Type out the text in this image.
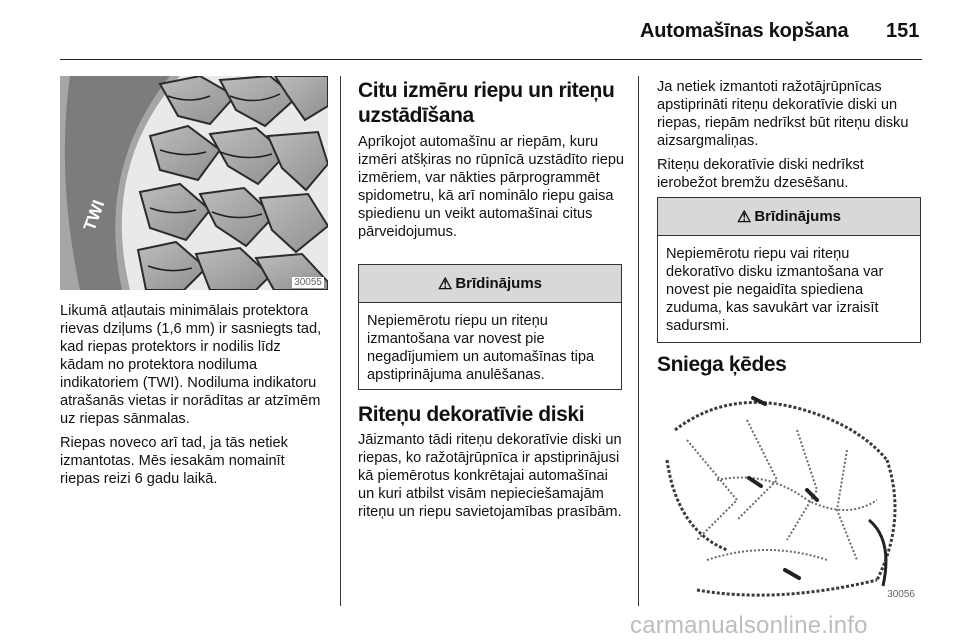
Automašīnas kopšana 151
TWI
30055

Likumā atļautais minimālais protektora rievas dziļums (1,6 mm) ir sasniegts tad, kad riepas protektors ir nodilis līdz kādam no protektora nodiluma indikatoriem (TWI). Nodiluma indikatoru atrašanās vietas ir norādītas ar atzīmēm uz riepas sānmalas.

Riepas noveco arī tad, ja tās netiek izmantotas. Mēs iesakām nomainīt riepas reizi 6 gadu laikā.

Citu izmēru riepu un riteņu uzstādīšana

Aprīkojot automašīnu ar riepām, kuru izmēri atšķiras no rūpnīcā uzstādīto riepu izmēriem, var nākties pārprogrammēt spidometru, kā arī nominālo riepu gaisa spiedienu un veikt automašīnai citus pārveidojumus.

⚠ Brīdinājums
Nepiemērotu riepu un riteņu izmantošana var novest pie negadījumiem un automašīnas tipa apstiprinājuma anulēšanas.
Riteņu dekoratīvie diski

Jāizmanto tādi riteņu dekoratīvie diski un riepas, ko ražotājrūpnīca ir apstiprinājusi kā piemērotus konkrētajai automašīnai un kuri atbilst visām nepieciešamajām riteņu un riepu savietojamības prasībām.

Ja netiek izmantoti ražotājrūpnīcas apstiprināti riteņu dekoratīvie diski un riepas, riepām nedrīkst būt riteņu disku aizsargmaliņas.

Riteņu dekoratīvie diski nedrīkst ierobežot bremžu dzesēšanu.

⚠ Brīdinājums
Nepiemērotu riepu vai riteņu dekoratīvo disku izmantošana var novest pie negaidīta spiediena zuduma, kas savukārt var izraisīt sadursmi.
Sniega ķēdes
30056
carmanualsonline.info
